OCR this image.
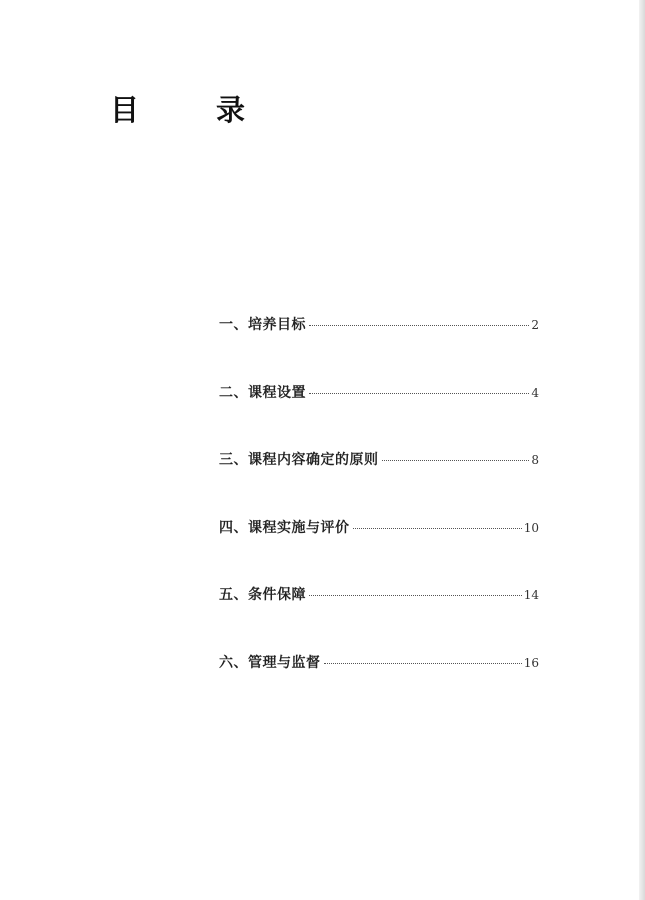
目　录
一、培养目标	2
二、课程设置	4
三、课程内容确定的原则	8
四、课程实施与评价	10
五、条件保障	14
六、管理与监督	16
